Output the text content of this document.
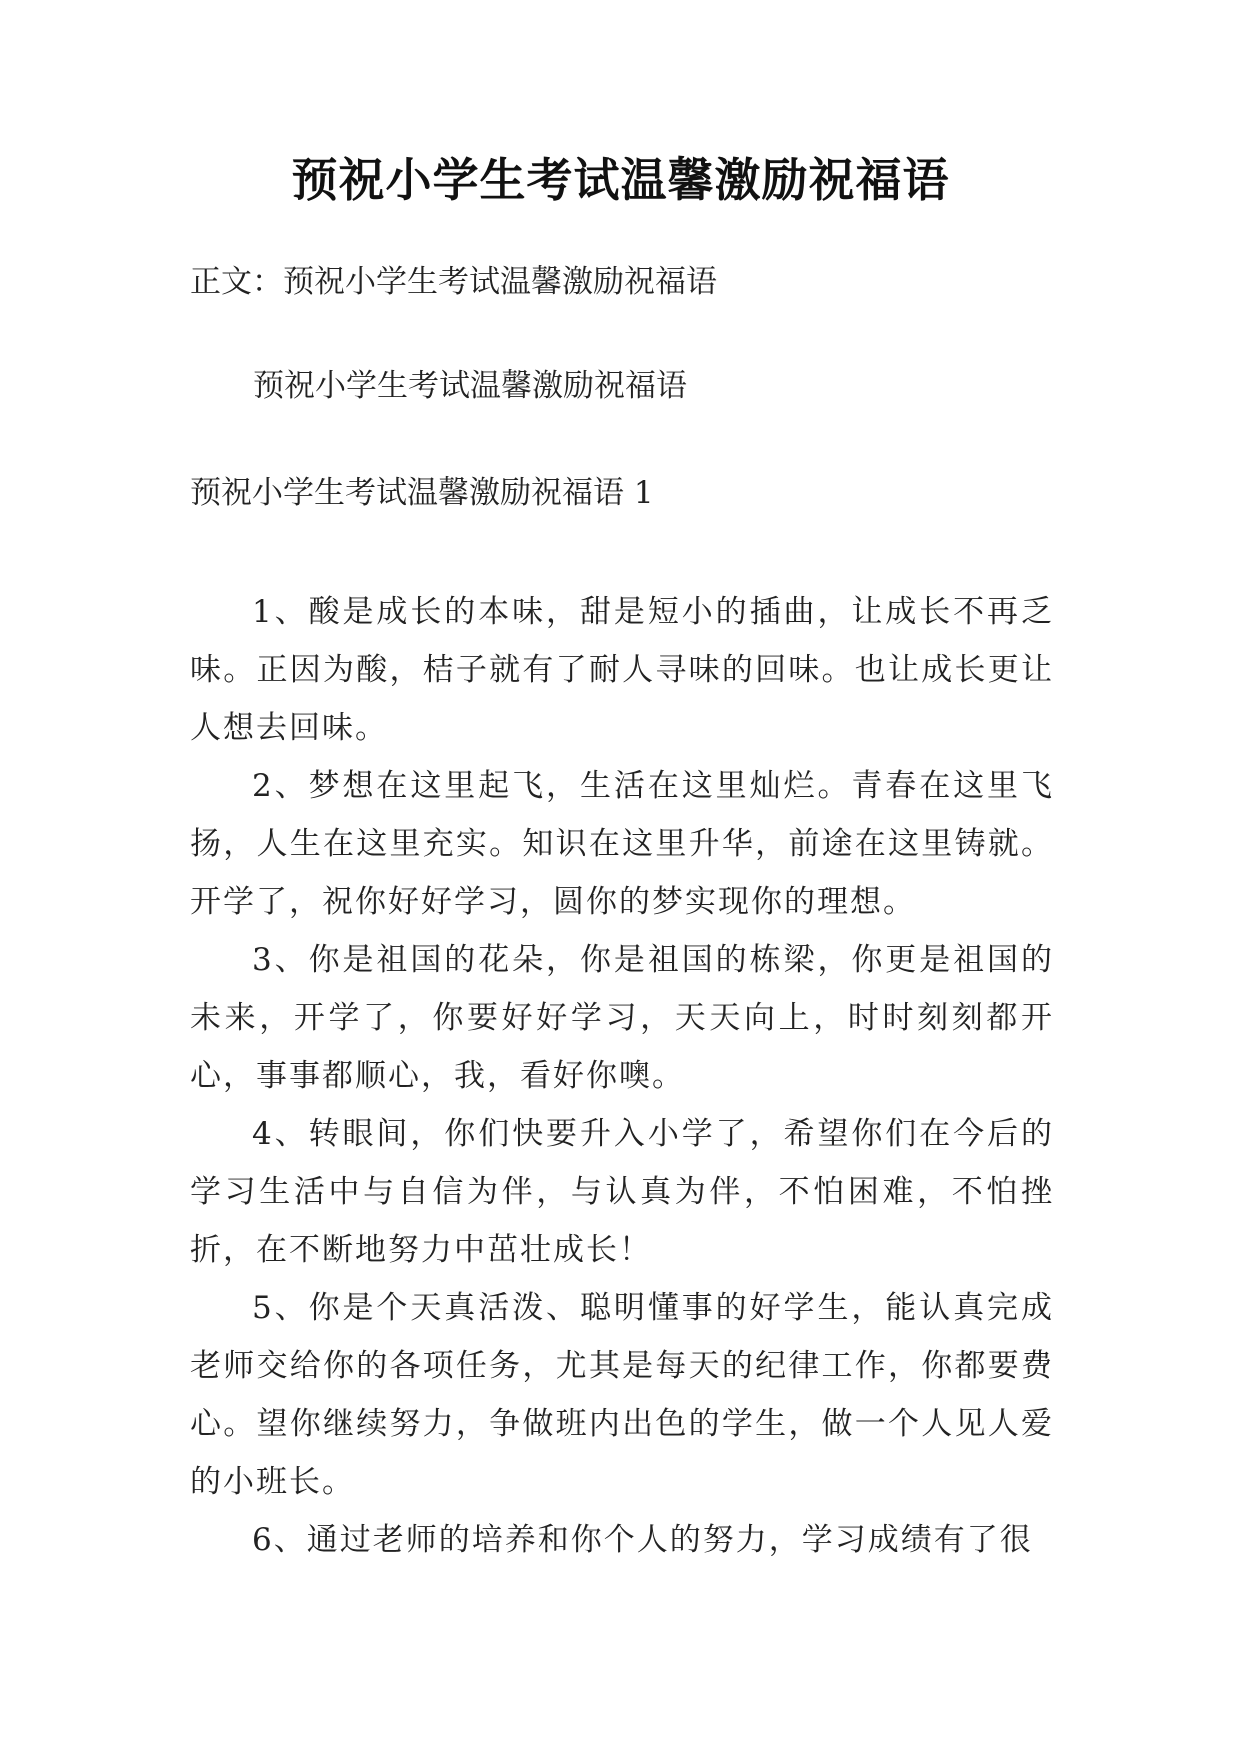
预祝小学生考试温馨激励祝福语
正文：预祝小学生考试温馨激励祝福语
预祝小学生考试温馨激励祝福语
预祝小学生考试温馨激励祝福语 1

1、酸是成长的本味，甜是短小的插曲，让成长不再乏味。正因为酸，桔子就有了耐人寻味的回味。也让成长更让人想去回味。

2、梦想在这里起飞，生活在这里灿烂。青春在这里飞扬，人生在这里充实。知识在这里升华，前途在这里铸就。开学了，祝你好好学习，圆你的梦实现你的理想。

3、你是祖国的花朵，你是祖国的栋梁，你更是祖国的未来，开学了，你要好好学习，天天向上，时时刻刻都开心，事事都顺心，我，看好你噢。

4、转眼间，你们快要升入小学了，希望你们在今后的学习生活中与自信为伴，与认真为伴，不怕困难，不怕挫折，在不断地努力中茁壮成长！

5、你是个天真活泼、聪明懂事的好学生，能认真完成老师交给你的各项任务，尤其是每天的纪律工作，你都要费心。望你继续努力，争做班内出色的学生，做一个人见人爱的小班长。

6、通过老师的培养和你个人的努力，学习成绩有了很
